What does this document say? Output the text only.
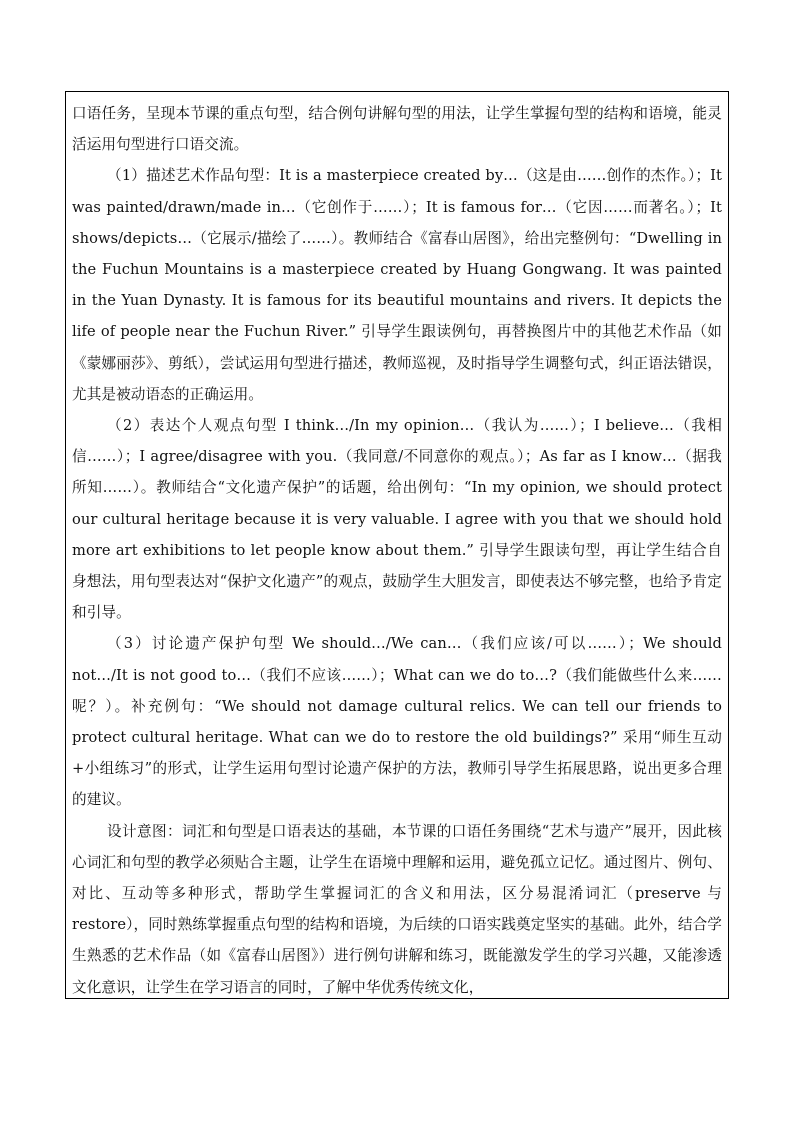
口语任务，呈现本节课的重点句型，结合例句讲解句型的用法，让学生掌握句型的结构和语境，能灵活运用句型进行口语交流。

（1）描述艺术作品句型：It is a masterpiece created by…（这是由……创作的杰作。）；It was painted/drawn/made in…（它创作于……）；It is famous for…（它因……而著名。）；It shows/depicts…（它展示/描绘了……）。教师结合《富春山居图》，给出完整例句：“Dwelling in the Fuchun Mountains is a masterpiece created by Huang Gongwang. It was painted in the Yuan Dynasty. It is famous for its beautiful mountains and rivers. It depicts the life of people near the Fuchun River.” 引导学生跟读例句，再替换图片中的其他艺术作品（如《蒙娜丽莎》、剪纸），尝试运用句型进行描述，教师巡视，及时指导学生调整句式，纠正语法错误，尤其是被动语态的正确运用。

（2）表达个人观点句型 I think…/In my opinion…（我认为……）；I believe…（我相信……）；I agree/disagree with you.（我同意/不同意你的观点。）；As far as I know…（据我所知……）。教师结合“文化遗产保护”的话题，给出例句：“In my opinion, we should protect our cultural heritage because it is very valuable. I agree with you that we should hold more art exhibitions to let people know about them.” 引导学生跟读句型，再让学生结合自身想法，用句型表达对“保护文化遗产”的观点，鼓励学生大胆发言，即使表达不够完整，也给予肯定和引导。

（3）讨论遗产保护句型 We should…/We can…（我们应该/可以……）；We should not…/It is not good to…（我们不应该……）；What can we do to…?（我们能做些什么来……呢？）。补充例句：“We should not damage cultural relics. We can tell our friends to protect cultural heritage. What can we do to restore the old buildings?” 采用“师生互动+小组练习”的形式，让学生运用句型讨论遗产保护的方法，教师引导学生拓展思路，说出更多合理的建议。

设计意图：词汇和句型是口语表达的基础，本节课的口语任务围绕“艺术与遗产”展开，因此核心词汇和句型的教学必须贴合主题，让学生在语境中理解和运用，避免孤立记忆。通过图片、例句、对比、互动等多种形式，帮助学生掌握词汇的含义和用法，区分易混淆词汇（preserve 与 restore），同时熟练掌握重点句型的结构和语境，为后续的口语实践奠定坚实的基础。此外，结合学生熟悉的艺术作品（如《富春山居图》）进行例句讲解和练习，既能激发学生的学习兴趣，又能渗透文化意识，让学生在学习语言的同时，了解中华优秀传统文化，
